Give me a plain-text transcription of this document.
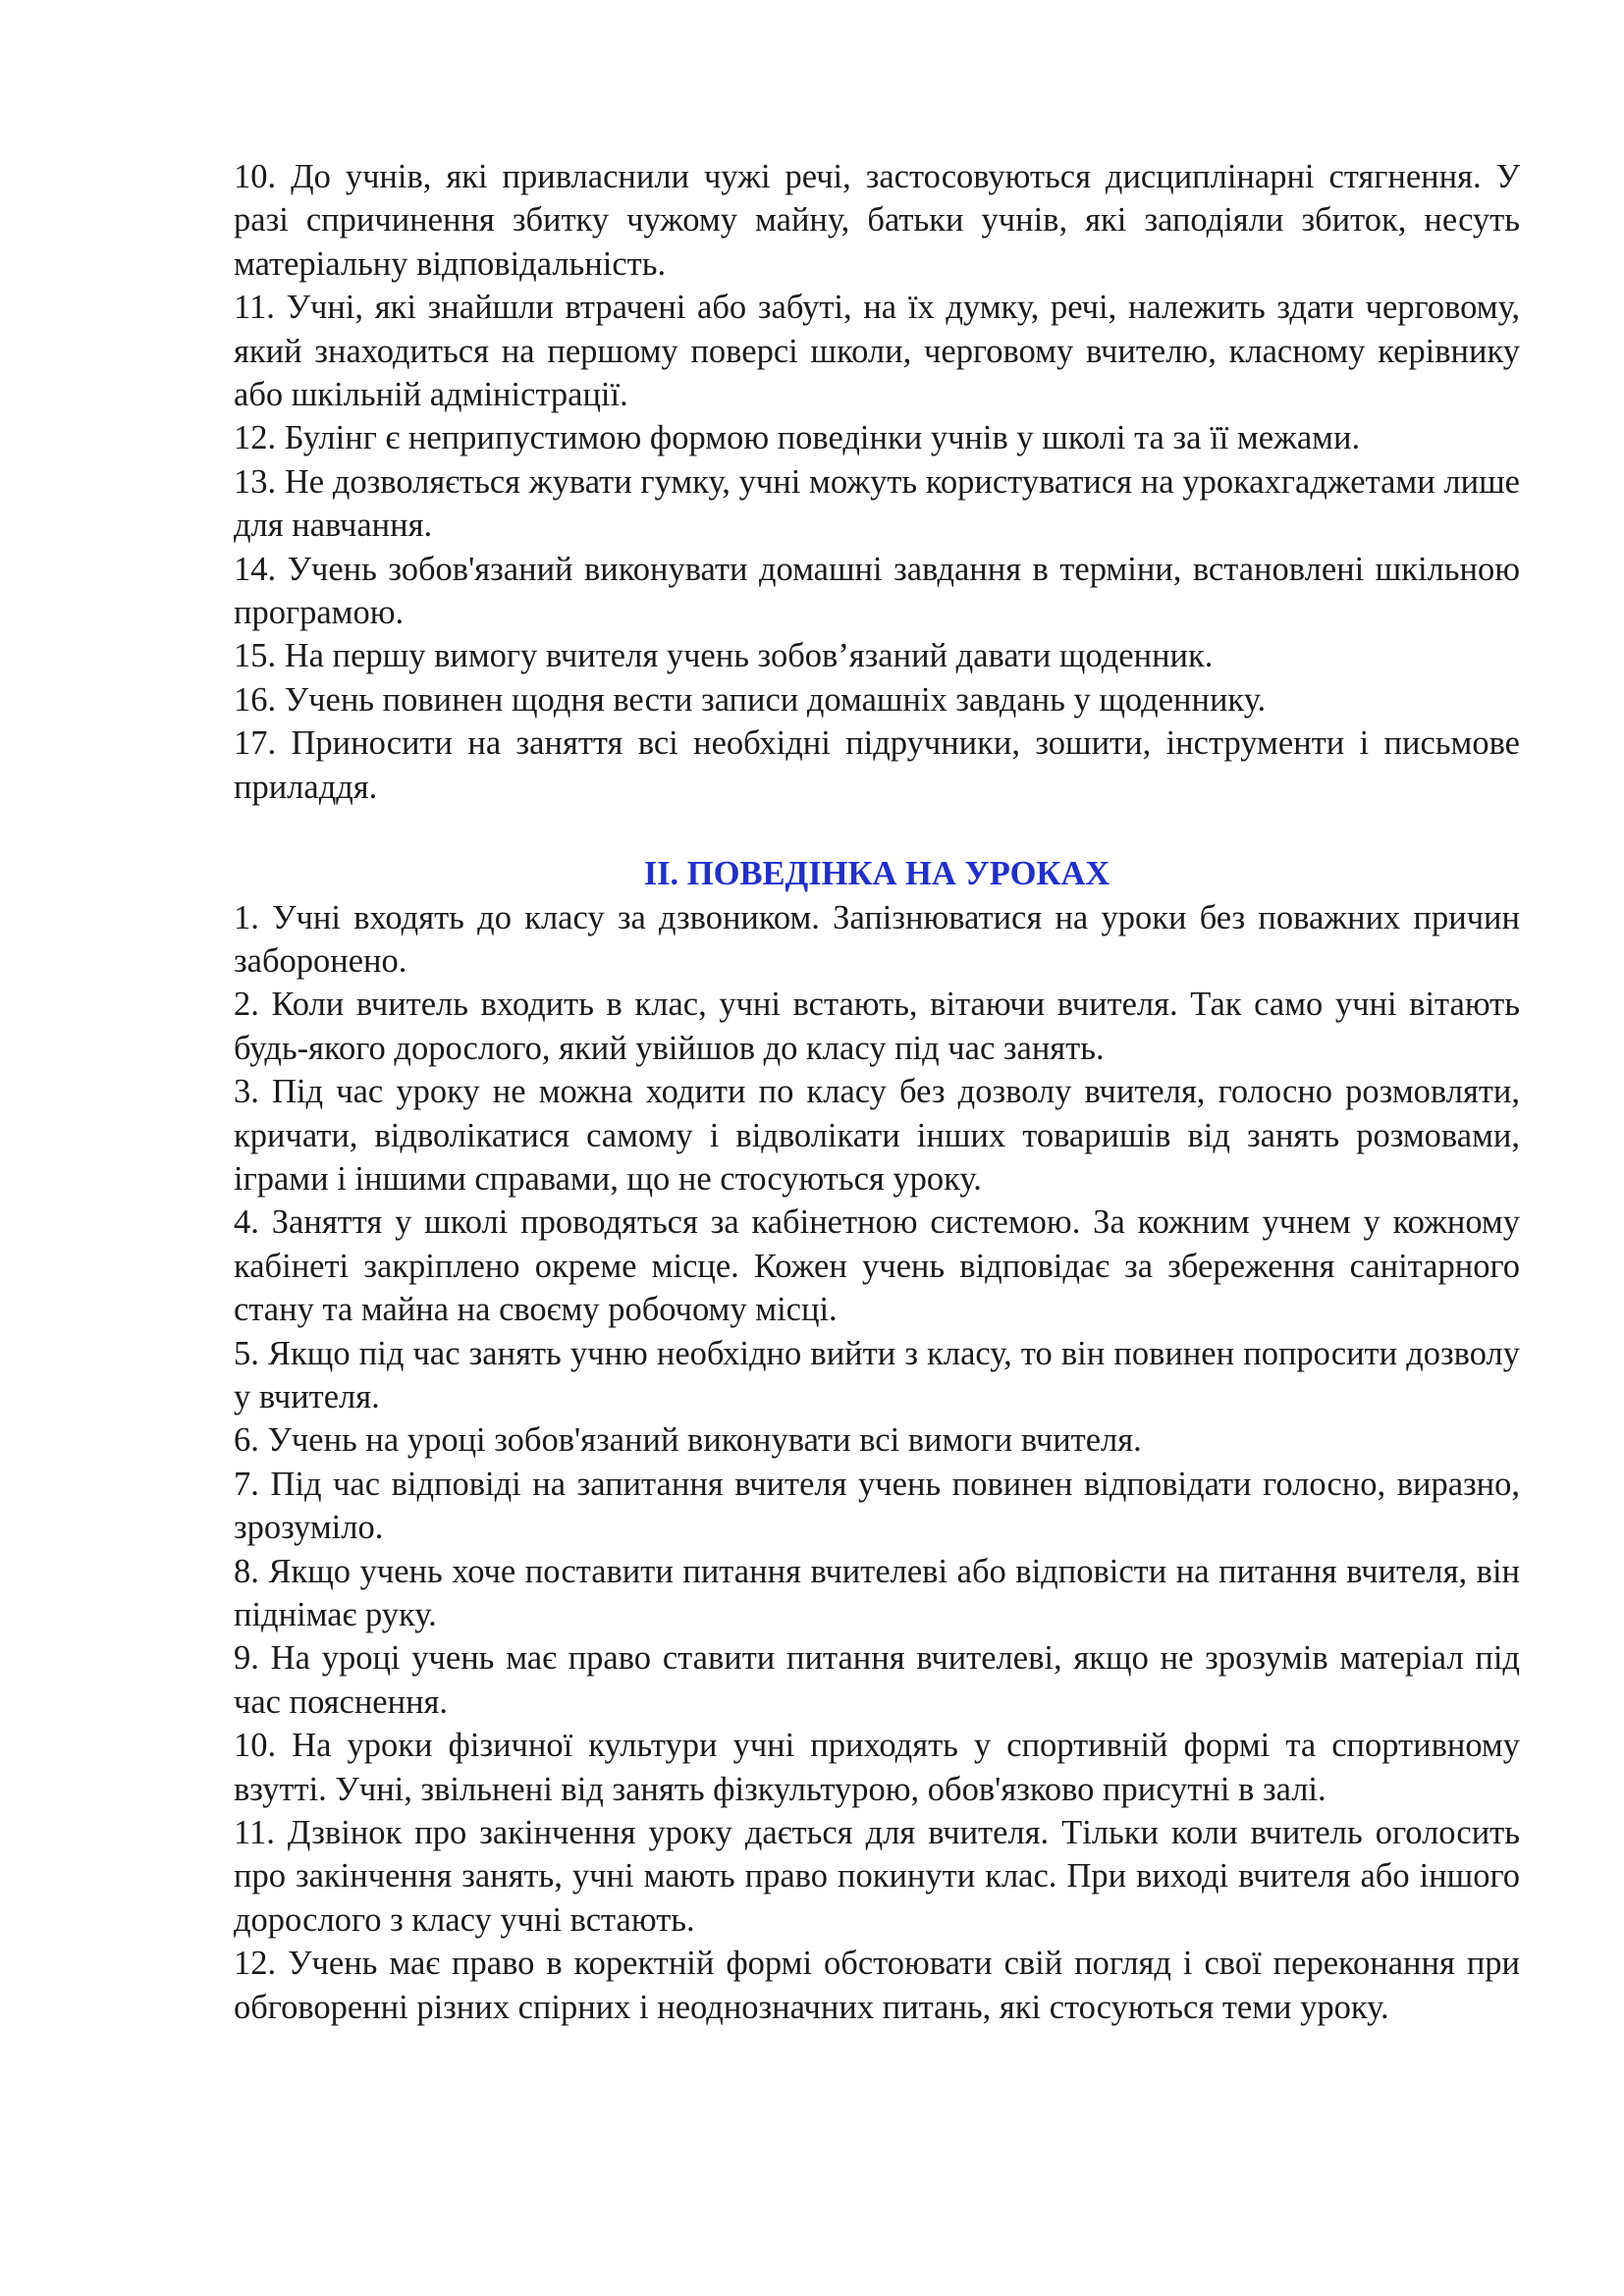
10. До учнів, які привласнили чужі речі, застосовуються дисциплінарні стягнення. У разі спричинення збитку чужому майну, батьки учнів, які заподіяли збиток, несуть матеріальну відповідальність.

11. Учні, які знайшли втрачені або забуті, на їх думку, речі, належить здати черговому, який знаходиться на першому поверсі школи, черговому вчителю, класному керівнику або шкільній адміністрації.

12. Булінг є неприпустимою формою поведінки учнів у школі та за її межами.

13. Не дозволяється жувати гумку, учні можуть користуватися на урокахгаджетами лише для навчання.

14. Учень зобов'язаний виконувати домашні завдання в терміни, встановлені шкільною програмою.

15. На першу вимогу вчителя учень зобов’язаний давати щоденник.

16. Учень повинен щодня вести записи домашніх завдань у щоденнику.

17. Приносити на заняття всі необхідні підручники, зошити, інструменти і письмове приладдя.

ІІ. ПОВЕДІНКА НА УРОКАХ

1. Учні входять до класу за дзвоником. Запізнюватися на уроки без поважних причин заборонено.

2. Коли вчитель входить в клас, учні встають, вітаючи вчителя. Так само учні вітають будь-якого дорослого, який увійшов до класу під час занять.

3. Під час уроку не можна ходити по класу без дозволу вчителя, голосно розмовляти, кричати, відволікатися самому і відволікати інших товаришів від занять розмовами, іграми і іншими справами, що не стосуються уроку.

4. Заняття у школі проводяться за кабінетною системою. За кожним учнем у кожному кабінеті закріплено окреме місце. Кожен учень відповідає за збереження санітарного стану та майна на своєму робочому місці.

5. Якщо під час занять учню необхідно вийти з класу, то він повинен попросити дозволу у вчителя.

6. Учень на уроці зобов'язаний виконувати всі вимоги вчителя.

7. Під час відповіді на запитання вчителя учень повинен відповідати голосно, виразно, зрозуміло.

8. Якщо учень хоче поставити питання вчителеві або відповісти на питання вчителя, він піднімає руку.

9. На уроці учень має право ставити питання вчителеві, якщо не зрозумів матеріал під час пояснення.

10. На уроки фізичної культури учні приходять у спортивній формі та спортивному взутті. Учні, звільнені від занять фізкультурою, обов'язково присутні в залі.

11. Дзвінок про закінчення уроку дається для вчителя. Тільки коли вчитель оголосить про закінчення занять, учні мають право покинути клас. При виході вчителя або іншого дорослого з класу учні встають.

12. Учень має право в коректній формі обстоювати свій погляд і свої переконання при обговоренні різних спірних і неоднозначних питань, які стосуються теми уроку.
